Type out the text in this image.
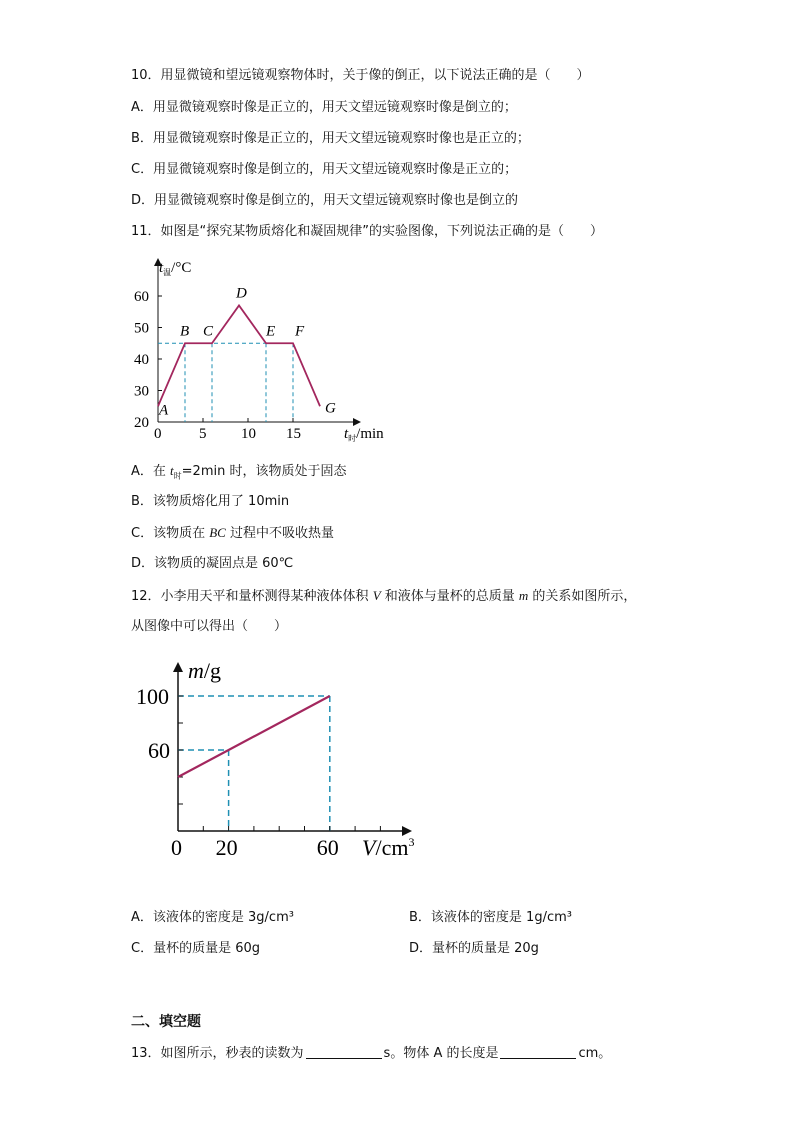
10．用显微镜和望远镜观察物体时，关于像的倒正，以下说法正确的是（　　）
A．用显微镜观察时像是正立的，用天文望远镜观察时像是倒立的；
B．用显微镜观察时像是正立的，用天文望远镜观察时像也是正立的；
C．用显微镜观察时像是倒立的，用天文望远镜观察时像是正立的；
D．用显微镜观察时像是倒立的，用天文望远镜观察时像也是倒立的
11．如图是“探究某物质熔化和凝固规律”的实验图像，下列说法正确的是（　　）
0	5 10 15
20
30
40
50
60
A
B C
D
E F
G
$t_温/^\circ C$
$t_时/\min$
A．在 $t_时=2\min$ 时，该物质处于固态
B．该物质熔化用了 10min
C．该物质在 BC 过程中不吸收热量
D．该物质的凝固点是 60℃
12．小李用天平和量杯测得某种液体体积 V 和液体与量杯的总质量 m 的关系如图所示，
从图像中可以得出（　　）
0 20	60
60
100
m/g
$V/cm^3$
A．该液体的密度是 3g/cm³	B．该液体的密度是 1g/cm³
C．量杯的质量是 60g	D．量杯的质量是 20g
二、填空题
13．如图所示，秒表的读数为	s。物体 A 的长度是	cm。
